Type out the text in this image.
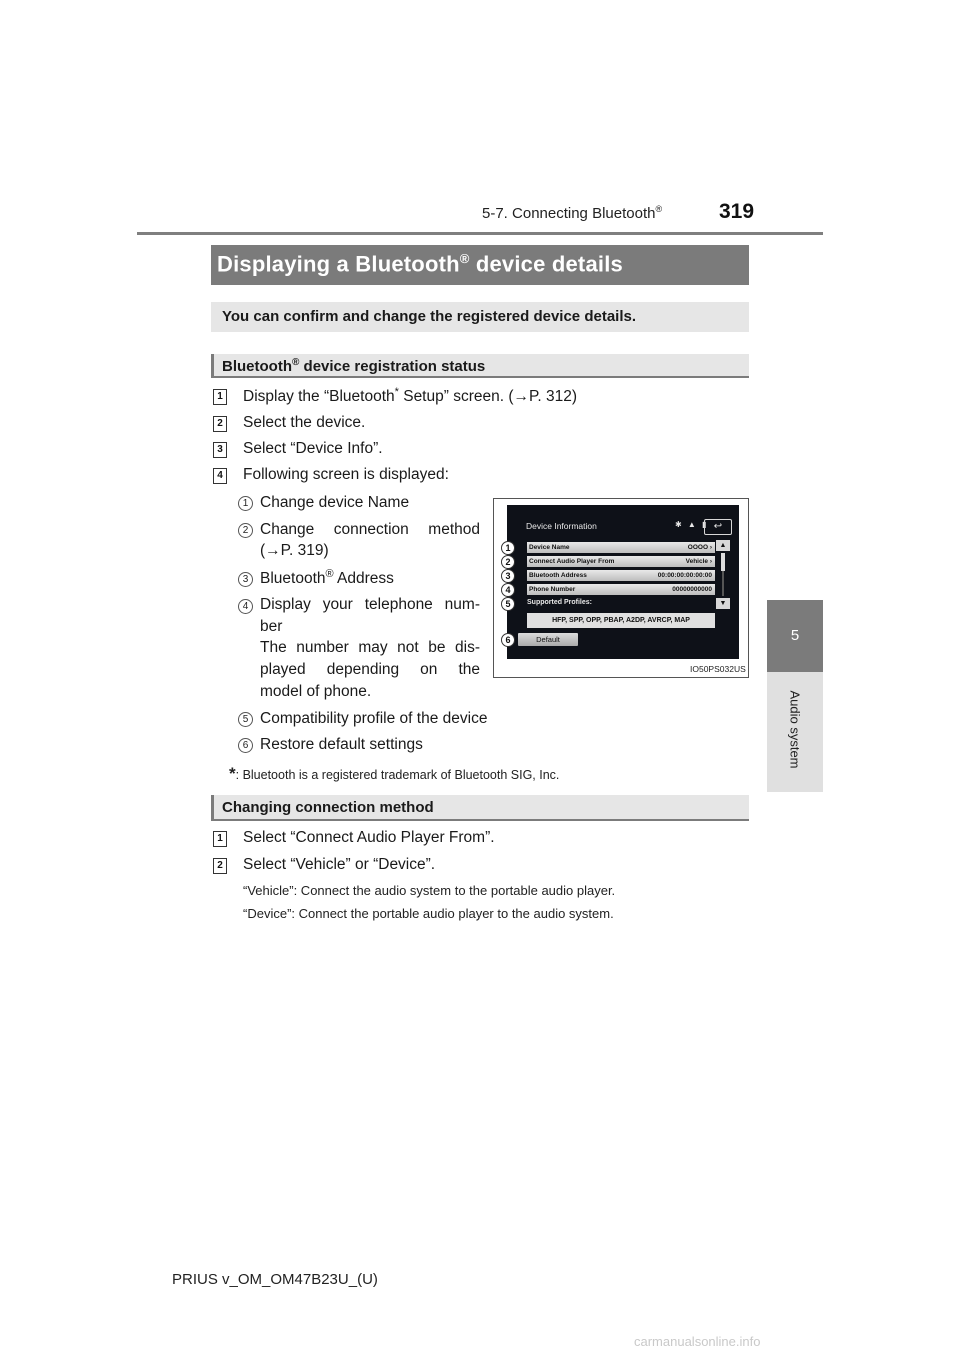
5-7. Connecting Bluetooth®	319
5
Audio system
Displaying a Bluetooth® device details
You can confirm and change the registered device details.
Bluetooth® device registration status
1 Display the “Bluetooth* Setup” screen. (→P. 312)
2 Select the device.
3 Select “Device Info”.
4 Following screen is displayed:
1 Change device Name
2 Change connection method
(→P. 319)
3 Bluetooth® Address
4 Display your telephone num-
ber
The number may not be dis-
played depending on the
model of phone.
5 Compatibility profile of the device
6 Restore default settings
*: Bluetooth is a registered trademark of Bluetooth SIG, Inc.
Device Information	✱ ▲ ▮ ↩
Device Name	OOOO ›
Connect Audio Player From	Vehicle ›
Bluetooth Address	00:00:00:00:00:00
Phone Number	00000000000
Supported Profiles:
HFP, SPP, OPP, PBAP, A2DP, AVRCP, MAP
Default
▲
▼
1
2
3
4
5
6
IO50PS032US
Changing connection method
1 Select “Connect Audio Player From”.
2 Select “Vehicle” or “Device”.
“Vehicle”: Connect the audio system to the portable audio player.
“Device”: Connect the portable audio player to the audio system.
PRIUS v_OM_OM47B23U_(U)
carmanualsonline.info
